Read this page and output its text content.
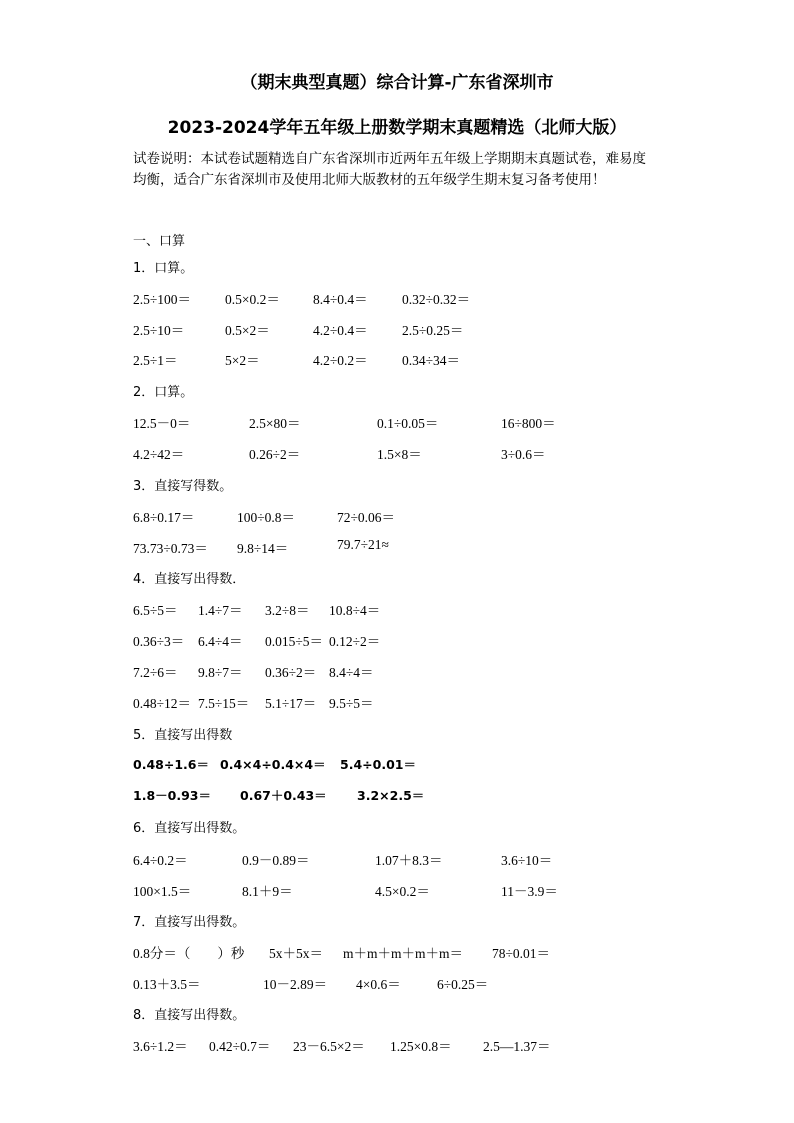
（期末典型真题）综合计算-广东省深圳市
2023-2024学年五年级上册数学期末真题精选（北师大版）
试卷说明：本试卷试题精选自广东省深圳市近两年五年级上学期期末真题试卷，难易度
均衡，适合广东省深圳市及使用北师大版教材的五年级学生期末复习备考使用！
一、口算
1．口算。
2.5÷100＝	0.5×0.2＝ 8.4÷0.4＝	0.32÷0.32＝
2.5÷10＝	0.5×2＝	4.2÷0.4＝	2.5÷0.25＝
2.5÷1＝	5×2＝	4.2÷0.2＝	0.34÷34＝
2．口算。
12.5－0＝	2.5×80＝	0.1÷0.05＝	16÷800＝
4.2÷42＝	0.26÷2＝	1.5×8＝	3÷0.6＝
3．直接写得数。
6.8÷0.17＝	100÷0.8＝	72÷0.06＝
73.73÷0.73＝ 9.8÷14＝	79.7÷21≈
4．直接写出得数．
6.5÷5＝ 1.4÷7＝ 3.2÷8＝ 10.8÷4＝
0.36÷3＝ 6.4÷4＝ 0.015÷5＝ 0.12÷2＝
7.2÷6＝ 9.8÷7＝ 0.36÷2＝ 8.4÷4＝
0.48÷12＝ 7.5÷15＝ 5.1÷17＝ 9.5÷5＝
5．直接写出得数
0.48÷1.6＝ 0.4×4÷0.4×4＝ 5.4÷0.01＝
1.8－0.93＝ 0.67＋0.43＝ 3.2×2.5＝
6．直接写出得数。
6.4÷0.2＝	0.9－0.89＝	1.07＋8.3＝	3.6÷10＝
100×1.5＝	8.1＋9＝	4.5×0.2＝	11－3.9＝
7．直接写出得数。
0.8分＝（　　）秒 5x＋5x＝ m＋m＋m＋m＋m＝ 78÷0.01＝
0.13＋3.5＝	10－2.89＝ 4×0.6＝	6÷0.25＝
8．直接写出得数。
3.6÷1.2＝ 0.42÷0.7＝ 23－6.5×2＝ 1.25×0.8＝ 2.5—1.37＝
